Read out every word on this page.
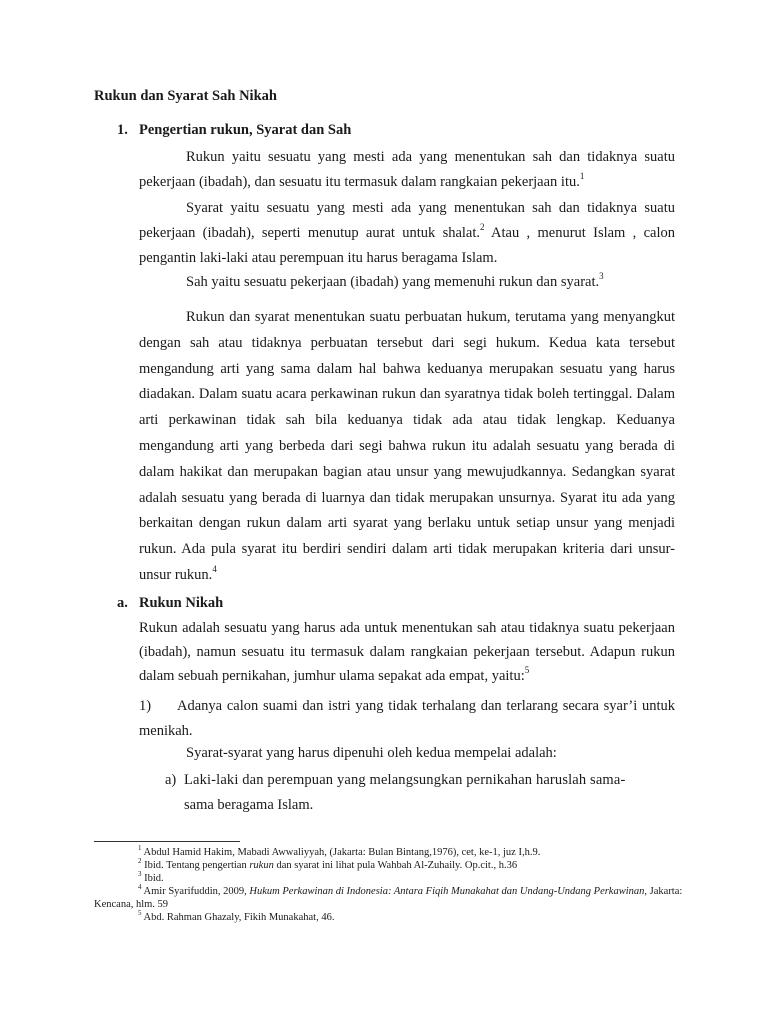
Rukun dan Syarat Sah Nikah
1. Pengertian rukun, Syarat dan Sah
Rukun yaitu sesuatu yang mesti ada yang menentukan sah dan tidaknya suatu pekerjaan (ibadah), dan sesuatu itu termasuk dalam rangkaian pekerjaan itu.$^1$
Syarat yaitu sesuatu yang mesti ada yang menentukan sah dan tidaknya suatu pekerjaan (ibadah), seperti menutup aurat untuk shalat.$^2$ Atau , menurut Islam , calon pengantin laki-laki atau perempuan itu harus beragama Islam.
Sah yaitu sesuatu pekerjaan (ibadah) yang memenuhi rukun dan syarat.$^3$
Rukun dan syarat menentukan suatu perbuatan hukum, terutama yang menyangkut dengan sah atau tidaknya perbuatan tersebut dari segi hukum. Kedua kata tersebut mengandung arti yang sama dalam hal bahwa keduanya merupakan sesuatu yang harus diadakan. Dalam suatu acara perkawinan rukun dan syaratnya tidak boleh tertinggal. Dalam arti perkawinan tidak sah bila keduanya tidak ada atau tidak lengkap. Keduanya mengandung arti yang berbeda dari segi bahwa rukun itu adalah sesuatu yang berada di dalam hakikat dan merupakan bagian atau unsur yang mewujudkannya. Sedangkan syarat adalah sesuatu yang berada di luarnya dan tidak merupakan unsurnya. Syarat itu ada yang berkaitan dengan rukun dalam arti syarat yang berlaku untuk setiap unsur yang menjadi rukun. Ada pula syarat itu berdiri sendiri dalam arti tidak merupakan kriteria dari unsur-unsur rukun.$^4$
a. Rukun Nikah
Rukun adalah sesuatu yang harus ada untuk menentukan sah atau tidaknya suatu pekerjaan (ibadah), namun sesuatu itu termasuk dalam rangkaian pekerjaan tersebut. Adapun rukun dalam sebuah pernikahan, jumhur ulama sepakat ada empat, yaitu:$^5$
1) Adanya calon suami dan istri yang tidak terhalang dan terlarang secara syar’i untuk menikah.
Syarat-syarat yang harus dipenuhi oleh kedua mempelai adalah:
a) Laki-laki dan perempuan yang melangsungkan pernikahan haruslah sama-
sama beragama Islam.
$^1$ Abdul Hamid Hakim, Mabadi Awwaliyyah, (Jakarta: Bulan Bintang,1976), cet, ke-1, juz I,h.9.
$^2$ Ibid. Tentang pengertian rukun dan syarat ini lihat pula Wahbah Al-Zuhaily. Op.cit., h.36
$^3$ Ibid.
$^4$ Amir Syarifuddin, 2009, Hukum Perkawinan di Indonesia: Antara Fiqih Munakahat dan Undang-Undang Perkawinan, Jakarta: Kencana, hlm. 59
$^5$ Abd. Rahman Ghazaly, Fikih Munakahat, 46.
